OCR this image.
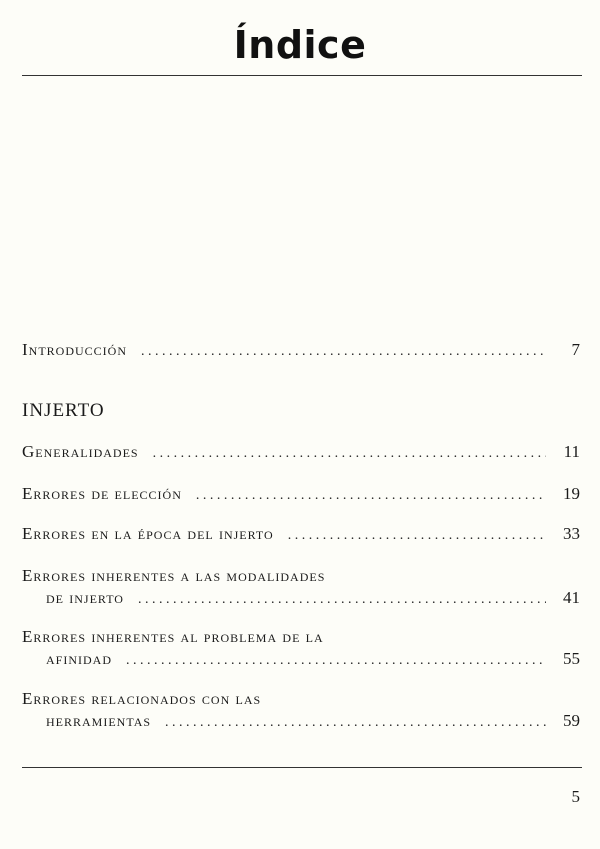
Índice
Introducción . . .	7
INJERTO
Generalidades . . .	11
Errores de elección . . .	19
Errores en la época del injerto . . .	33
Errores inherentes a las modalidades
de injerto . . .	41
Errores inherentes al problema de la
afinidad . . .	55
Errores relacionados con las
herramientas . . .	59
5
